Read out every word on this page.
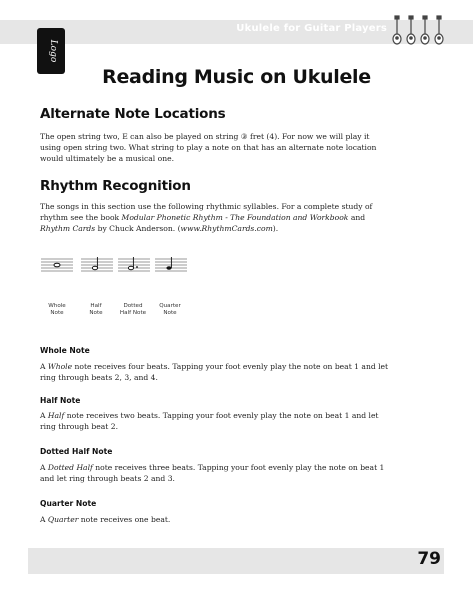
Ukulele for Guitar Players
Logo
Reading Music on Ukulele
Alternate Note Locations
The open string two, E can also be played on string ③ fret (4). For now we will play it
using open string two. What string to play a note on that has an alternate note location
would ultimately be a musical one.
Rhythm Recognition
The songs in this section use the following rhythmic syllables. For a complete study of
rhythm see the book Modular Phonetic Rhythm - The Foundation and Workbook and
Rhythm Cards by Chuck Anderson. (www.RhythmCards.com).
Whole
Note
Half
Note
Dotted
Half Note
Quarter
Note
Whole Note
A Whole note receives four beats. Tapping your foot evenly play the note on beat 1 and let
ring through beats 2, 3, and 4.
Half Note
A Half note receives two beats. Tapping your foot evenly play the note on beat 1 and let
ring through beat 2.
Dotted Half Note
A Dotted Half note receives three beats. Tapping your foot evenly play the note on beat 1
and let ring through beats 2 and 3.
Quarter Note
A Quarter note receives one beat.
79
